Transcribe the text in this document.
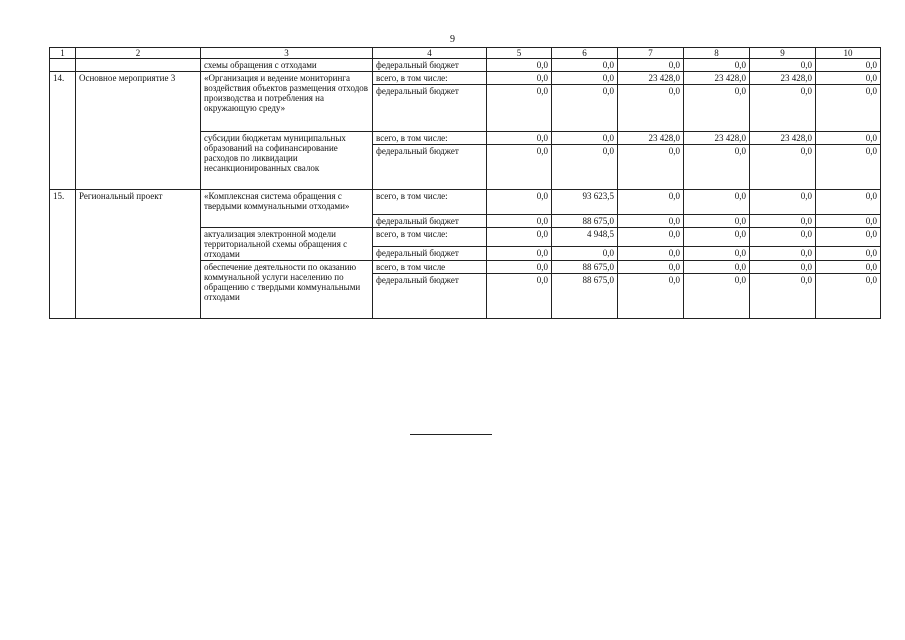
9
1	2	3	4	5	6	7	8	9	10
		схемы обращения с отходами	федеральный бюджет	0,0	0,0	0,0	0,0	0,0	0,0
14.	Основное мероприятие 3	«Организация и ведение мониторинга воздействия объектов размещения отходов производства и потребления на окружающую среду»	всего, в том числе:	0,0	0,0	23 428,0	23 428,0	23 428,0	0,0
			федеральный бюджет	0,0	0,0	0,0	0,0	0,0	0,0
		субсидии бюджетам муниципальных образований на софинансирование расходов по ликвидации несанкционированных свалок	всего, в том числе:	0,0	0,0	23 428,0	23 428,0	23 428,0	0,0
			федеральный бюджет	0,0	0,0	0,0	0,0	0,0	0,0
15.	Региональный проект	«Комплексная система обращения с твердыми коммунальными отходами»	всего, в том числе:	0,0	93 623,5	0,0	0,0	0,0	0,0
			федеральный бюджет	0,0	88 675,0	0,0	0,0	0,0	0,0
		актуализация электронной модели территориальной схемы обращения с отходами	всего, в том числе:	0,0	4 948,5	0,0	0,0	0,0	0,0
			федеральный бюджет	0,0	0,0	0,0	0,0	0,0	0,0
		обеспечение деятельности по оказанию коммунальной услуги населению по обращению с твердыми коммунальными отходами	всего, в том числе	0,0	88 675,0	0,0	0,0	0,0	0,0
			федеральный бюджет	0,0	88 675,0	0,0	0,0	0,0	0,0
